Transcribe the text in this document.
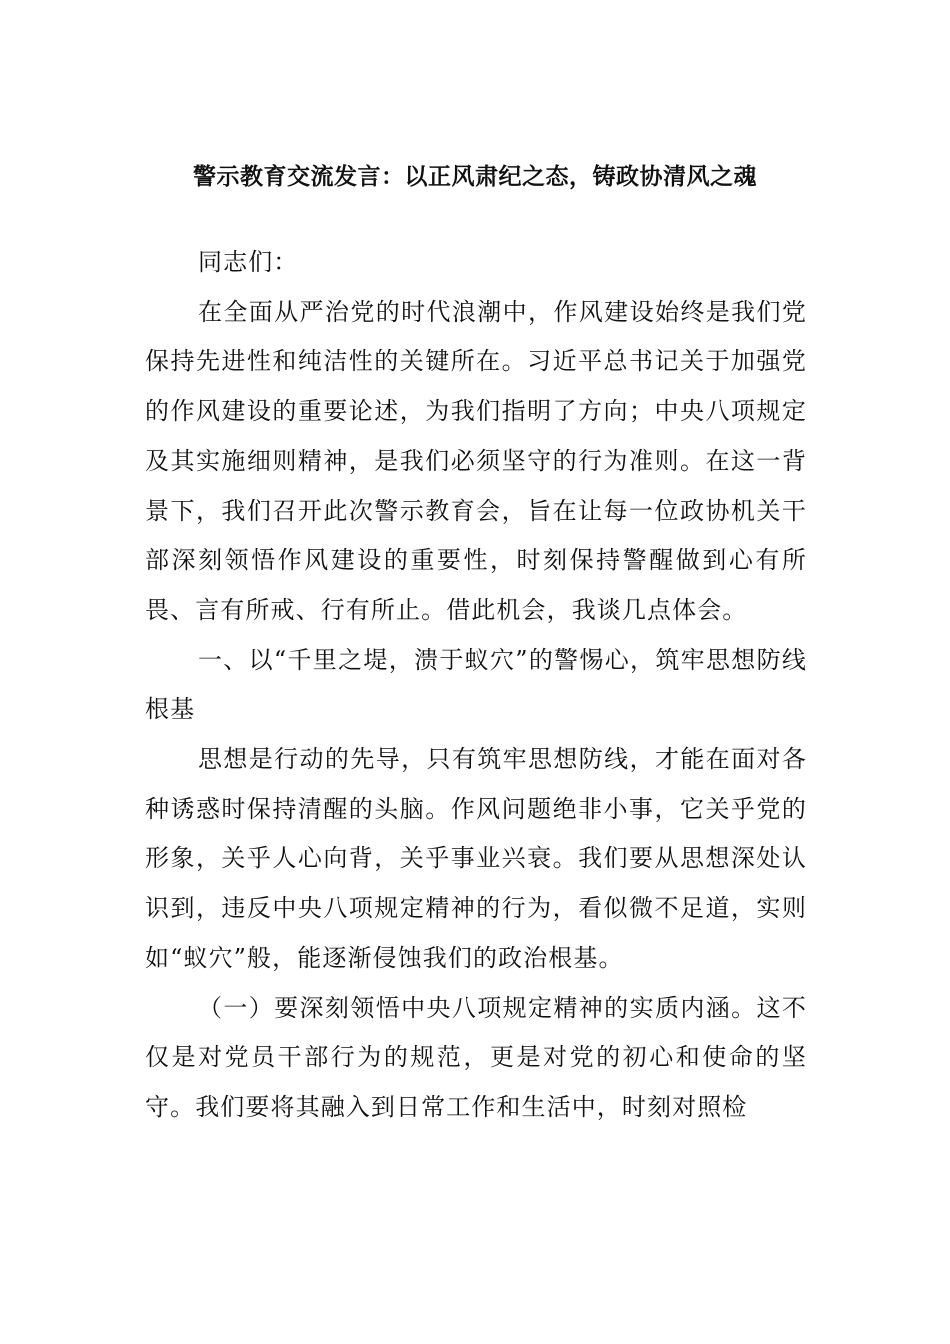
警示教育交流发言：以正风肃纪之态，铸政协清风之魂

同志们：

在全面从严治党的时代浪潮中，作风建设始终是我们党保持先进性和纯洁性的关键所在。习近平总书记关于加强党的作风建设的重要论述，为我们指明了方向；中央八项规定及其实施细则精神，是我们必须坚守的行为准则。在这一背景下，我们召开此次警示教育会，旨在让每一位政协机关干部深刻领悟作风建设的重要性，时刻保持警醒做到心有所畏、言有所戒、行有所止。借此机会，我谈几点体会。

一、以“千里之堤，溃于蚁穴”的警惕心，筑牢思想防线根基

思想是行动的先导，只有筑牢思想防线，才能在面对各种诱惑时保持清醒的头脑。作风问题绝非小事，它关乎党的形象，关乎人心向背，关乎事业兴衰。我们要从思想深处认识到，违反中央八项规定精神的行为，看似微不足道，实则如“蚁穴”般，能逐渐侵蚀我们的政治根基。

（一）要深刻领悟中央八项规定精神的实质内涵。这不仅是对党员干部行为的规范，更是对党的初心和使命的坚守。我们要将其融入到日常工作和生活中，时刻对照检
